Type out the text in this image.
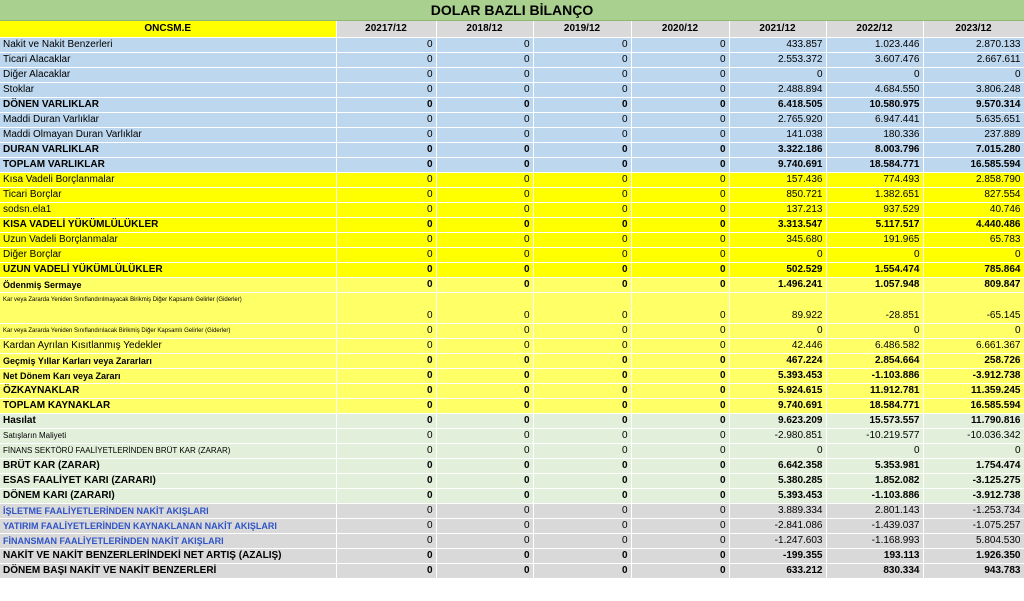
DOLAR BAZLI BİLANÇO
ONCSM.E	20217/12	2018/12	2019/12	2020/12	2021/12	2022/12	2023/12
Nakit ve Nakit Benzerleri	0	0	0	0	433.857	1.023.446	2.870.133
Ticari Alacaklar	0	0	0	0	2.553.372	3.607.476	2.667.611
Diğer Alacaklar	0	0	0	0	0	0	0
Stoklar	0	0	0	0	2.488.894	4.684.550	3.806.248
DÖNEN VARLIKLAR	0	0	0	0	6.418.505	10.580.975	9.570.314
Maddi Duran Varlıklar	0	0	0	0	2.765.920	6.947.441	5.635.651
Maddi Olmayan Duran Varlıklar	0	0	0	0	141.038	180.336	237.889
DURAN VARLIKLAR	0	0	0	0	3.322.186	8.003.796	7.015.280
TOPLAM VARLIKLAR	0	0	0	0	9.740.691	18.584.771	16.585.594
Kısa Vadeli Borçlanmalar	0	0	0	0	157.436	774.493	2.858.790
Ticari Borçlar	0	0	0	0	850.721	1.382.651	827.554
sodsn.ela1	0	0	0	0	137.213	937.529	40.746
KISA VADELİ YÜKÜMLÜLÜKLER	0	0	0	0	3.313.547	5.117.517	4.440.486
Uzun Vadeli Borçlanmalar	0	0	0	0	345.680	191.965	65.783
Diğer Borçlar	0	0	0	0	0	0	0
UZUN VADELİ YÜKÜMLÜLÜKLER	0	0	0	0	502.529	1.554.474	785.864
Ödenmiş Sermaye	0	0	0	0	1.496.241	1.057.948	809.847
Kar veya Zararda Yeniden Sınıflandırılmayacak Birikmiş Diğer Kapsamlı Gelirler (Giderler)	0	0	0	0	89.922	-28.851	-65.145
Kar veya Zararda Yeniden Sınıflandırılacak Birikmiş Diğer Kapsamlı Gelirler (Giderler)	0	0	0	0	0	0	0
Kardan Ayrılan Kısıtlanmış Yedekler	0	0	0	0	42.446	6.486.582	6.661.367
Geçmiş Yıllar Karları veya Zararları	0	0	0	0	467.224	2.854.664	258.726
Net Dönem Karı veya Zararı	0	0	0	0	5.393.453	-1.103.886	-3.912.738
ÖZKAYNAKLAR	0	0	0	0	5.924.615	11.912.781	11.359.245
TOPLAM KAYNAKLAR	0	0	0	0	9.740.691	18.584.771	16.585.594
Hasılat	0	0	0	0	9.623.209	15.573.557	11.790.816
Satışların Maliyeti	0	0	0	0	-2.980.851	-10.219.577	-10.036.342
FİNANS SEKTÖRÜ FAALİYETLERİNDEN BRÜT KAR (ZARAR)	0	0	0	0	0	0	0
BRÜT KAR (ZARAR)	0	0	0	0	6.642.358	5.353.981	1.754.474
ESAS FAALİYET KARI (ZARARI)	0	0	0	0	5.380.285	1.852.082	-3.125.275
DÖNEM KARI (ZARARI)	0	0	0	0	5.393.453	-1.103.886	-3.912.738
İŞLETME FAALİYETLERİNDEN NAKİT AKIŞLARI	0	0	0	0	3.889.334	2.801.143	-1.253.734
YATIRIM FAALİYETLERİNDEN KAYNAKLANAN NAKİT AKIŞLARI	0	0	0	0	-2.841.086	-1.439.037	-1.075.257
FİNANSMAN FAALİYETLERİNDEN NAKİT AKIŞLARI	0	0	0	0	-1.247.603	-1.168.993	5.804.530
NAKİT VE NAKİT BENZERLERİNDEKİ NET ARTIŞ (AZALIŞ)	0	0	0	0	-199.355	193.113	1.926.350
DÖNEM BAŞI NAKİT VE NAKİT BENZERLERİ	0	0	0	0	633.212	830.334	943.783
